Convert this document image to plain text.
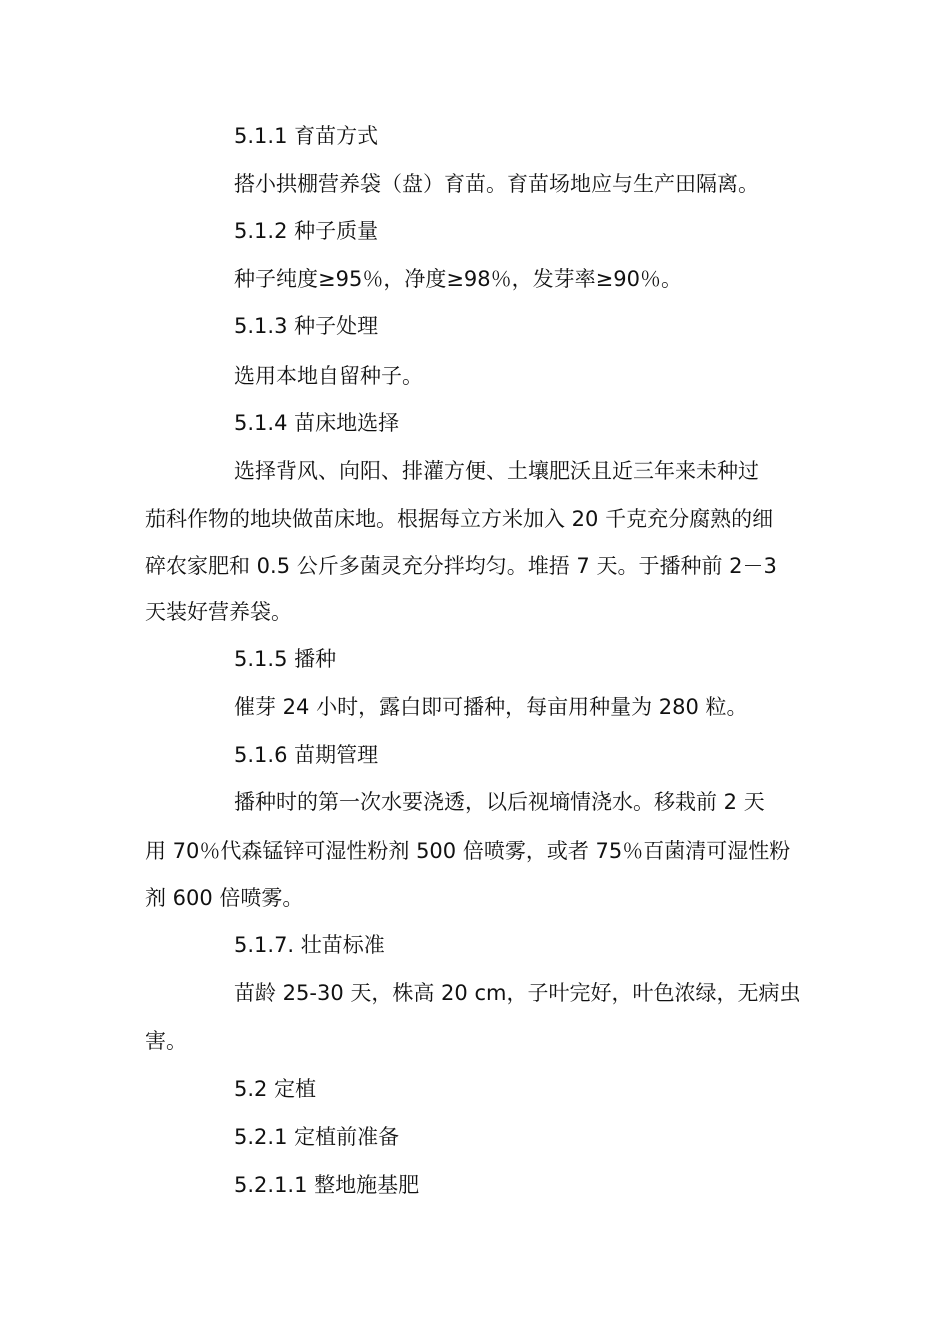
5.1.1 育苗方式
搭小拱棚营养袋（盘）育苗。育苗场地应与生产田隔离。
5.1.2 种子质量
种子纯度≥95％，净度≥98％，发芽率≥90％。
5.1.3 种子处理
选用本地自留种子。
5.1.4 苗床地选择
选择背风、向阳、排灌方便、土壤肥沃且近三年来未种过
茄科作物的地块做苗床地。根据每立方米加入 20 千克充分腐熟的细
碎农家肥和 0.5 公斤多菌灵充分拌均匀。堆捂 7 天。于播种前 2－3
天装好营养袋。
5.1.5 播种
催芽 24 小时，露白即可播种，每亩用种量为 280 粒。
5.1.6 苗期管理
播种时的第一次水要浇透，以后视墒情浇水。移栽前 2 天
用 70％代森锰锌可湿性粉剂 500 倍喷雾，或者 75％百菌清可湿性粉
剂 600 倍喷雾。
5.1.7. 壮苗标准
苗龄 25-30 天，株高 20 cm，子叶完好，叶色浓绿，无病虫
害。
5.2 定植
5.2.1 定植前准备
5.2.1.1 整地施基肥
